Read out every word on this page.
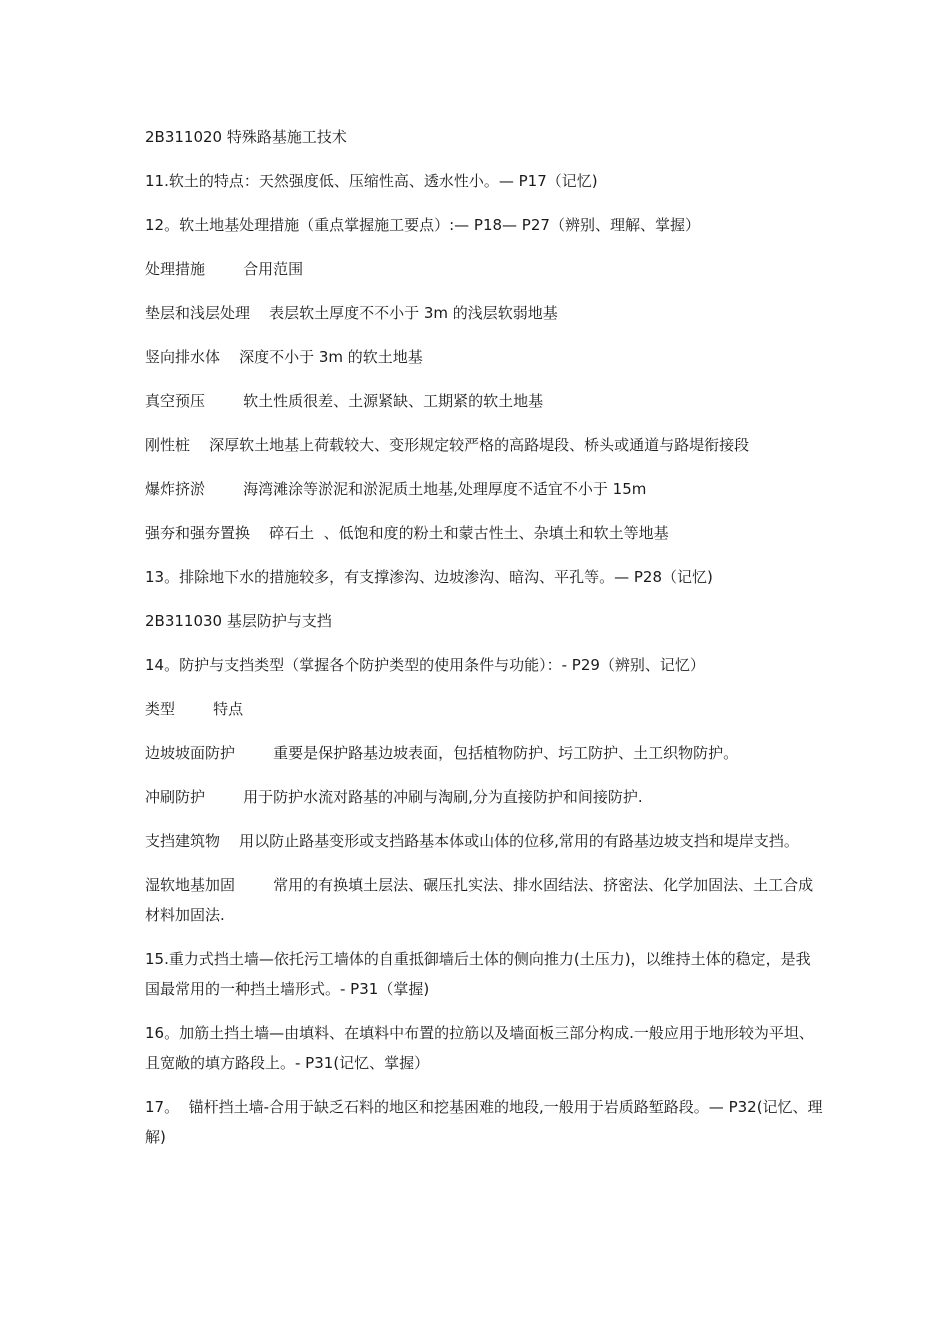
2B311020 特殊路基施工技术

11.软土的特点：天然强度低、压缩性高、透水性小。— P17（记忆)

12。软土地基处理措施（重点掌握施工要点）:— P18— P27（辨别、理解、掌握）

处理措施        合用范围

垫层和浅层处理    表层软土厚度不不小于 3m 的浅层软弱地基

竖向排水体    深度不小于 3m 的软土地基

真空预压        软土性质很差、土源紧缺、工期紧的软土地基

刚性桩    深厚软土地基上荷载较大、变形规定较严格的高路堤段、桥头或通道与路堤衔接段

爆炸挤淤        海湾滩涂等淤泥和淤泥质土地基,处理厚度不适宜不小于 15m

强夯和强夯置换    碎石土  、低饱和度的粉土和蒙古性土、杂填土和软土等地基

13。排除地下水的措施较多，有支撑渗沟、边坡渗沟、暗沟、平孔等。— P28（记忆)

2B311030 基层防护与支挡

14。防护与支挡类型（掌握各个防护类型的使用条件与功能）：- P29（辨别、记忆）

类型        特点

边坡坡面防护        重要是保护路基边坡表面，包括植物防护、圬工防护、土工织物防护。

冲刷防护        用于防护水流对路基的冲刷与淘刷,分为直接防护和间接防护.

支挡建筑物    用以防止路基变形或支挡路基本体或山体的位移,常用的有路基边坡支挡和堤岸支挡。

湿软地基加固        常用的有换填土层法、碾压扎实法、排水固结法、挤密法、化学加固法、土工合成材料加固法.

15.重力式挡土墙—依托污工墙体的自重抵御墙后土体的侧向推力(土压力)，以维持土体的稳定，是我国最常用的一种挡土墙形式。- P31（掌握)

16。加筋土挡土墙—由填料、在填料中布置的拉筋以及墙面板三部分构成.一般应用于地形较为平坦、且宽敞的填方路段上。- P31(记忆、掌握）

17。  锚杆挡土墙-合用于缺乏石料的地区和挖基困难的地段,一般用于岩质路堑路段。— P32(记忆、理解)
